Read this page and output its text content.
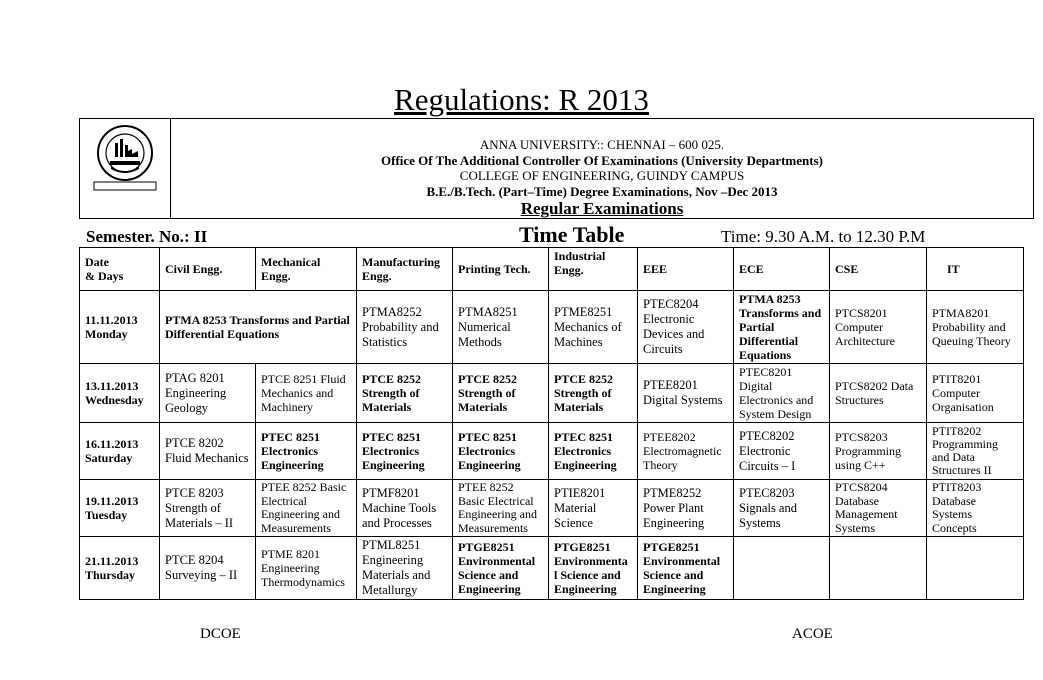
Regulations: R 2013
ANNA UNIVERSITY:: CHENNAI – 600 025.
Office Of The Additional Controller Of Examinations (University Departments)
COLLEGE OF ENGINEERING, GUINDY CAMPUS
B.E./B.Tech. (Part–Time) Degree Examinations, Nov –Dec 2013
Regular Examinations
Semester. No.: II	Time Table	Time: 9.30 A.M. to 12.30 P.M
Date
& Days	Civil Engg.	Mechanical Engg.	Manufacturing Engg.	Printing Tech.	Industrial Engg.	EEE	ECE	CSE	IT

11.11.2013
Monday	PTMA 8253 Transforms and Partial Differential Equations		PTMA8252 Probability and Statistics	PTMA8251 Numerical Methods	PTME8251 Mechanics of Machines	PTEC8204 Electronic Devices and Circuits	PTMA 8253 Transforms and Partial Differential Equations	PTCS8201 Computer Architecture	PTMA8201 Probability and Queuing Theory

13.11.2013
Wednesday	PTAG 8201 Engineering Geology	PTCE 8251 Fluid Mechanics and Machinery	PTCE 8252 Strength of Materials	PTCE 8252 Strength of Materials	PTCE 8252 Strength of Materials	PTEE8201 Digital Systems	PTEC8201 Digital Electronics and System Design	PTCS8202 Data Structures	PTIT8201 Computer Organisation

16.11.2013
Saturday	PTCE 8202 Fluid Mechanics	PTEC 8251 Electronics Engineering	PTEC 8251 Electronics Engineering	PTEC 8251 Electronics Engineering	PTEC 8251 Electronics Engineering	PTEE8202 Electromagnetic Theory	PTEC8202 Electronic Circuits – I	PTCS8203 Programming using C++	PTIT8202 Programming and Data Structures II

19.11.2013
Tuesday	PTCE 8203 Strength of Materials – II	PTEE 8252 Basic Electrical Engineering and Measurements	PTMF8201 Machine Tools and Processes	PTEE 8252 Basic Electrical Engineering and Measurements	PTIE8201 Material Science	PTME8252 Power Plant Engineering	PTEC8203 Signals and Systems	PTCS8204 Database Management Systems	PTIT8203 Database Systems Concepts

21.11.2013
Thursday	PTCE 8204 Surveying – II	PTME 8201 Engineering Thermodynamics	PTML8251 Engineering Materials and Metallurgy	PTGE8251 Environmental Science and Engineering	PTGE8251 Environmenta l Science and Engineering	PTGE8251 Environmental Science and Engineering			
DCOE	ACOE
